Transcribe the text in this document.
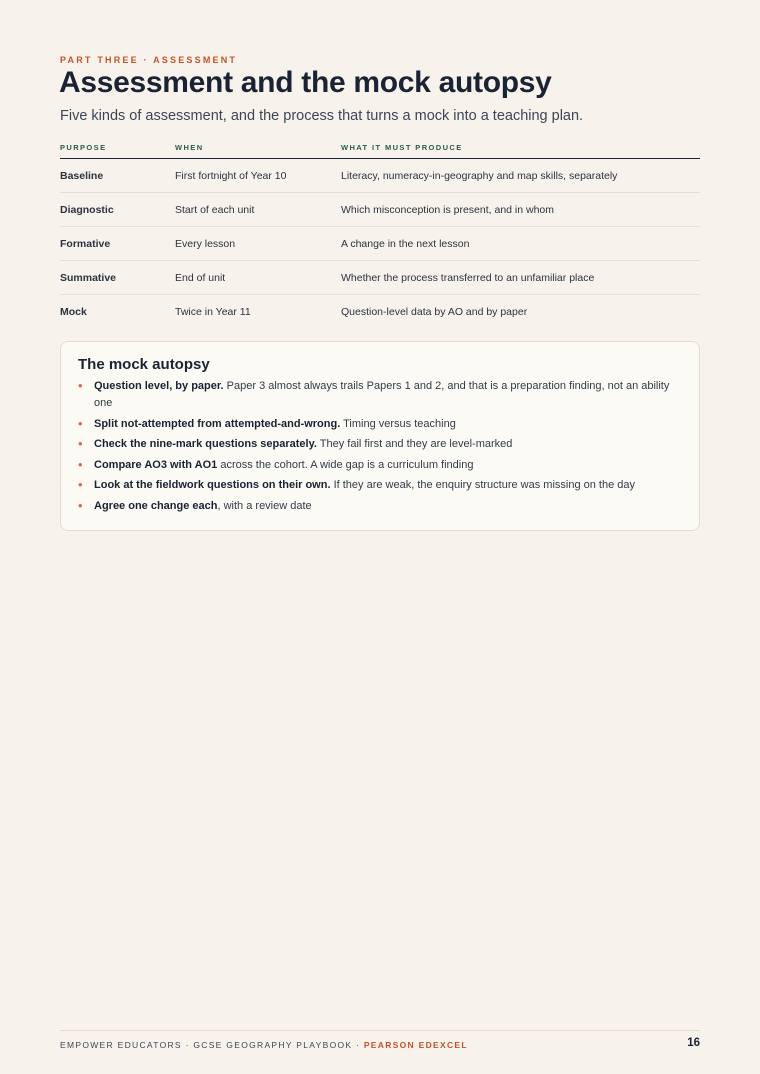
PART THREE · ASSESSMENT
Assessment and the mock autopsy

Five kinds of assessment, and the process that turns a mock into a teaching plan.

PURPOSE	WHEN	WHAT IT MUST PRODUCE
Baseline	First fortnight of Year 10	Literacy, numeracy-in-geography and map skills, separately
Diagnostic	Start of each unit	Which misconception is present, and in whom
Formative	Every lesson	A change in the next lesson
Summative	End of unit	Whether the process transferred to an unfamiliar place
Mock	Twice in Year 11	Question-level data by AO and by paper
The mock autopsy
• Question level, by paper. Paper 3 almost always trails Papers 1 and 2, and that is a preparation finding, not an ability one
• Split not-attempted from attempted-and-wrong. Timing versus teaching
• Check the nine-mark questions separately. They fail first and they are level-marked
• Compare AO3 with AO1 across the cohort. A wide gap is a curriculum finding
• Look at the fieldwork questions on their own. If they are weak, the enquiry structure was missing on the day
• Agree one change each, with a review date
EMPOWER EDUCATORS · GCSE GEOGRAPHY PLAYBOOK · PEARSON EDEXCEL	16
